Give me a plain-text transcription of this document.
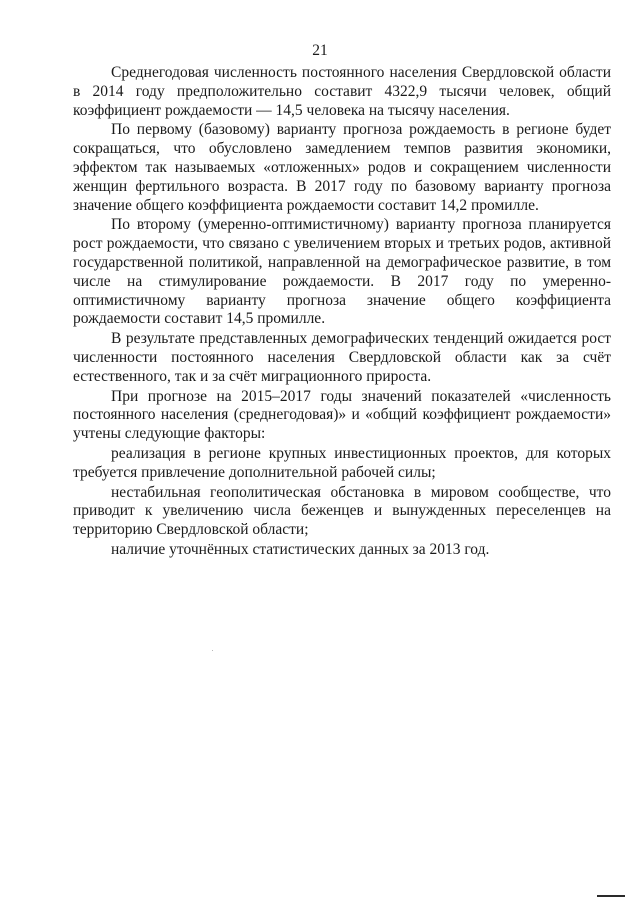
21

Среднегодовая численность постоянного населения Свердловской области в 2014 году предположительно составит 4322,9 тысячи человек, общий коэффициент рождаемости — 14,5 человека на тысячу населения.

По первому (базовому) варианту прогноза рождаемость в регионе будет сокращаться, что обусловлено замедлением темпов развития экономики, эффектом так называемых «отложенных» родов и сокращением численности женщин фертильного возраста. В 2017 году по базовому варианту прогноза значение общего коэффициента рождаемости составит 14,2 промилле.

По второму (умеренно-оптимистичному) варианту прогноза планируется рост рождаемости, что связано с увеличением вторых и третьих родов, активной государственной политикой, направленной на демографическое развитие, в том числе на стимулирование рождаемости. В 2017 году по умеренно-оптимистичному варианту прогноза значение общего коэффициента рождаемости составит 14,5 промилле.

В результате представленных демографических тенденций ожидается рост численности постоянного населения Свердловской области как за счёт естественного, так и за счёт миграционного прироста.

При прогнозе на 2015–2017 годы значений показателей «численность постоянного населения (среднегодовая)» и «общий коэффициент рождаемости» учтены следующие факторы:

реализация в регионе крупных инвестиционных проектов, для которых требуется привлечение дополнительной рабочей силы;

нестабильная геополитическая обстановка в мировом сообществе, что приводит к увеличению числа беженцев и вынужденных переселенцев на территорию Свердловской области;

наличие уточнённых статистических данных за 2013 год.
